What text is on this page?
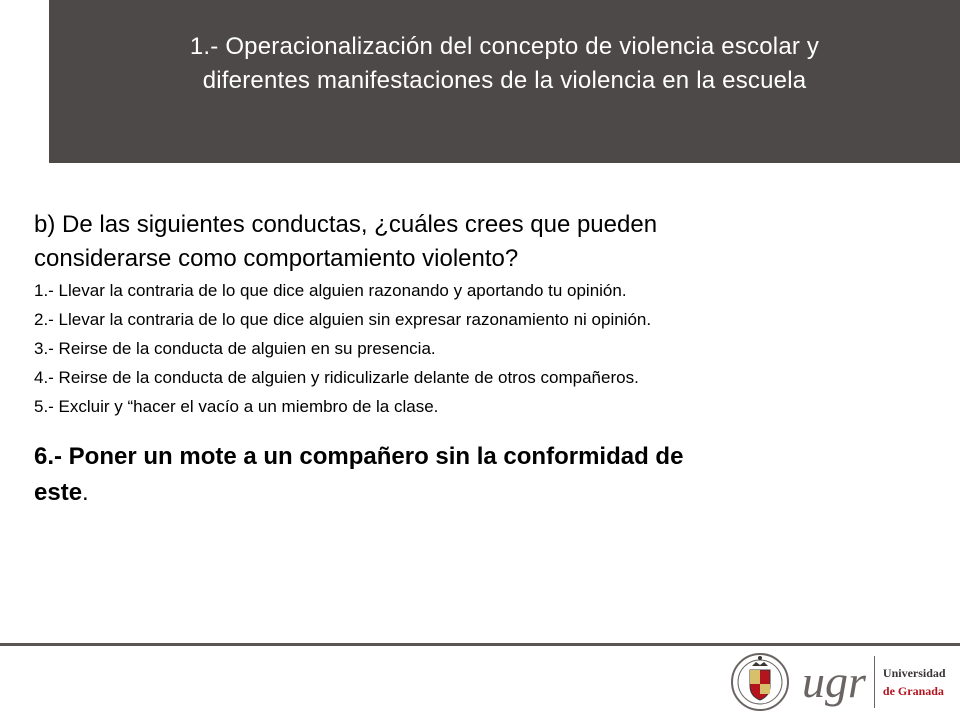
1.- Operacionalización del concepto de violencia escolar y
diferentes manifestaciones de la violencia en la escuela

b) De las siguientes conductas, ¿cuáles crees que pueden
considerarse como comportamiento violento?

1.- Llevar la contraria de lo que dice alguien razonando y aportando tu opinión.
2.- Llevar la contraria de lo que dice alguien sin expresar razonamiento ni opinión.
3.- Reirse de la conducta de alguien en su presencia.
4.- Reirse de la conducta de alguien y ridiculizarle delante de otros compañeros.
5.- Excluir y “hacer el vacío a un miembro de la clase.
6.- Poner un mote a un compañero sin la conformidad de
este.
ugr Universidad
de Granada
